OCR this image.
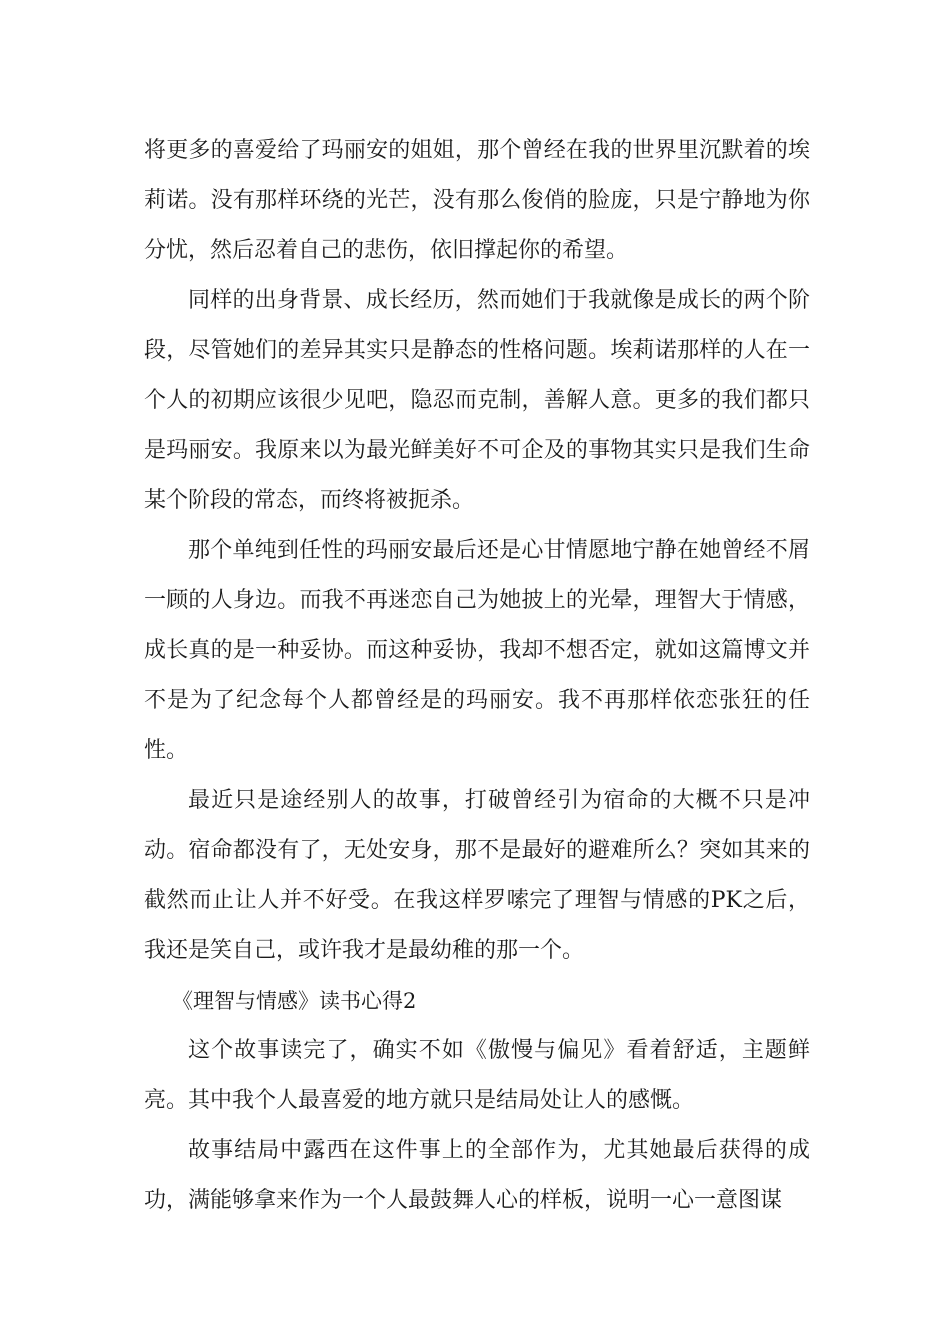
将更多的喜爱给了玛丽安的姐姐，那个曾经在我的世界里沉默着的埃莉诺。没有那样环绕的光芒，没有那么俊俏的脸庞，只是宁静地为你分忧，然后忍着自己的悲伤，依旧撑起你的希望。

同样的出身背景、成长经历，然而她们于我就像是成长的两个阶段，尽管她们的差异其实只是静态的性格问题。埃莉诺那样的人在一个人的初期应该很少见吧，隐忍而克制，善解人意。更多的我们都只是玛丽安。我原来以为最光鲜美好不可企及的事物其实只是我们生命某个阶段的常态，而终将被扼杀。

那个单纯到任性的玛丽安最后还是心甘情愿地宁静在她曾经不屑一顾的人身边。而我不再迷恋自己为她披上的光晕，理智大于情感，成长真的是一种妥协。而这种妥协，我却不想否定，就如这篇博文并不是为了纪念每个人都曾经是的玛丽安。我不再那样依恋张狂的任性。

最近只是途经别人的故事，打破曾经引为宿命的大概不只是冲动。宿命都没有了，无处安身，那不是最好的避难所么？突如其来的截然而止让人并不好受。在我这样罗嗦完了理智与情感的PK之后，我还是笑自己，或许我才是最幼稚的那一个。

《理智与情感》读书心得2

这个故事读完了，确实不如《傲慢与偏见》看着舒适，主题鲜亮。其中我个人最喜爱的地方就只是结局处让人的感慨。

故事结局中露西在这件事上的全部作为，尤其她最后获得的成功，满能够拿来作为一个人最鼓舞人心的样板，说明一心一意图谋
